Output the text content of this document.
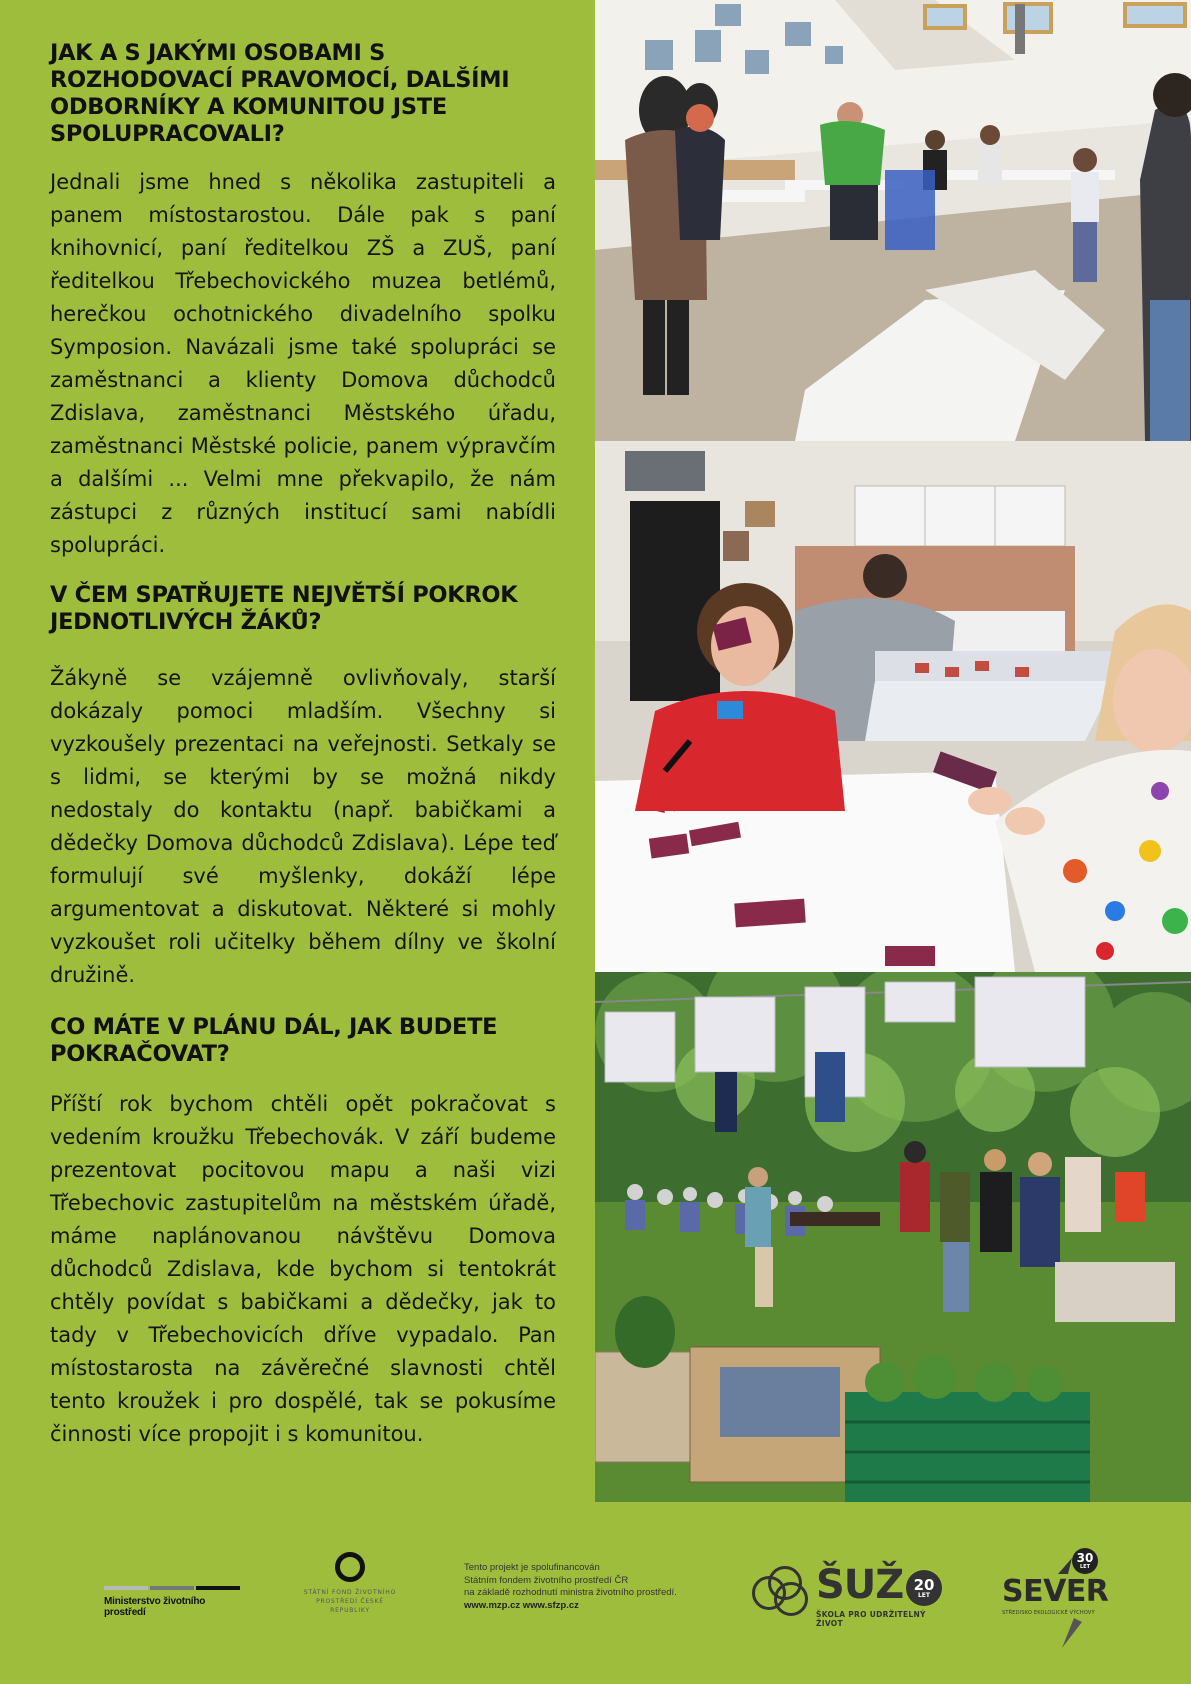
JAK A S JAKÝMI OSOBAMI S ROZHODOVACÍ PRAVOMOCÍ, DALŠÍMI ODBORNÍKY A KOMUNITOU JSTE SPOLUPRACOVALI?

Jednali jsme hned s několika zastupiteli a panem místostarostou. Dále pak s paní knihovnicí, paní ředitelkou ZŠ a ZUŠ, paní ředitelkou Třebechovického muzea betlémů, herečkou ochotnického divadelního spolku Symposion. Navázali jsme také spolupráci se zaměstnanci a klienty Domova důchodců Zdislava, zaměstnanci Městského úřadu, zaměstnanci Městské policie, panem výpravčím a dalšími ... Velmi mne překvapilo, že nám zástupci z různých institucí sami nabídli spolupráci.

V ČEM SPATŘUJETE NEJVĚTŠÍ POKROK JEDNOTLIVÝCH ŽÁKŮ?

Žákyně se vzájemně ovlivňovaly, starší dokázaly pomoci mladším. Všechny si vyzkoušely prezentaci na veřejnosti. Setkaly se s lidmi, se kterými by se možná nikdy nedostaly do kontaktu (např. babičkami a dědečky Domova důchodců Zdislava). Lépe teď formulují své myšlenky, dokáží lépe argumentovat a diskutovat. Některé si mohly vyzkoušet roli učitelky během dílny ve školní družině.

CO MÁTE V PLÁNU DÁL, JAK BUDETE POKRAČOVAT?

Příští rok bychom chtěli opět pokračovat s vedením kroužku Třebechovák. V září budeme prezentovat pocitovou mapu a naši vizi Třebechovic zastupitelům na městském úřadě, máme naplánovanou návštěvu Domova důchodců Zdislava, kde bychom si tentokrát chtěly povídat s babičkami a dědečky, jak to tady v Třebechovicích dříve vypadalo. Pan místostarosta na závěrečné slavnosti chtěl tento kroužek i pro dospělé, tak se pokusíme činnosti více propojit i s komunitou.

Ministerstvo životního prostředí
STÁTNÍ FOND ŽIVOTNÍHO PROSTŘEDÍ ČESKÉ REPUBLIKY
Tento projekt je spolufinancován
Státním fondem životního prostředí ČR
na základě rozhodnutí ministra životního prostředí.
www.mzp.cz www.sfzp.cz	ŠUŽ 20
LET
ŠKOLA PRO UDRŽITELNÝ ŽIVOT
SEVER
30
LET
STŘEDISKO EKOLOGICKÉ VÝCHOVY
